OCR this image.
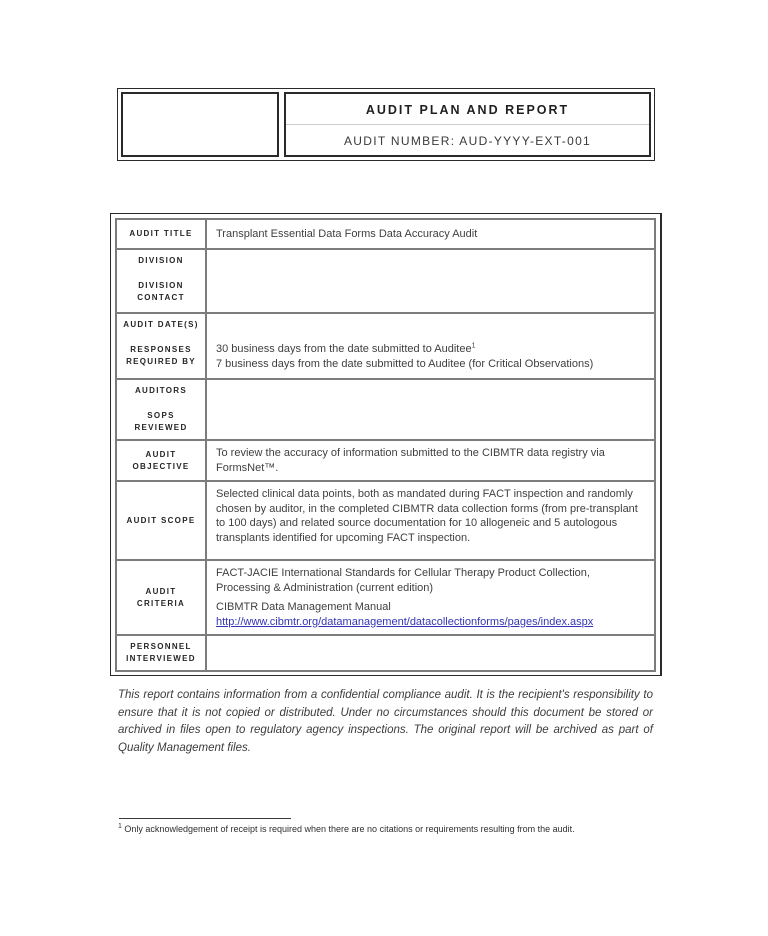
AUDIT PLAN AND REPORT
AUDIT NUMBER: AUD-YYYY-EXT-001
AUDIT TITLE	Transplant Essential Data Forms Data Accuracy Audit
DIVISION
DIVISION CONTACT
AUDIT DATE(S)
RESPONSES REQUIRED BY
30 business days from the date submitted to Auditee$^1$
7 business days from the date submitted to Auditee (for Critical Observations)
AUDITORS
SOPS REVIEWED
AUDIT OBJECTIVE
To review the accuracy of information submitted to the CIBMTR data registry via FormsNet™.
AUDIT SCOPE
Selected clinical data points, both as mandated during FACT inspection and randomly chosen by auditor, in the completed CIBMTR data collection forms (from pre-transplant to 100 days) and related source documentation for 10 allogeneic and 5 autologous transplants identified for upcoming FACT inspection.
AUDIT CRITERIA
FACT-JACIE International Standards for Cellular Therapy Product Collection, Processing & Administration (current edition)
CIBMTR Data Management Manual
http://www.cibmtr.org/datamanagement/datacollectionforms/pages/index.aspx
PERSONNEL INTERVIEWED
This report contains information from a confidential compliance audit. It is the recipient's responsibility to ensure that it is not copied or distributed. Under no circumstances should this document be stored or archived in files open to regulatory agency inspections. The original report will be archived as part of Quality Management files.
$^1$ Only acknowledgement of receipt is required when there are no citations or requirements resulting from the audit.
